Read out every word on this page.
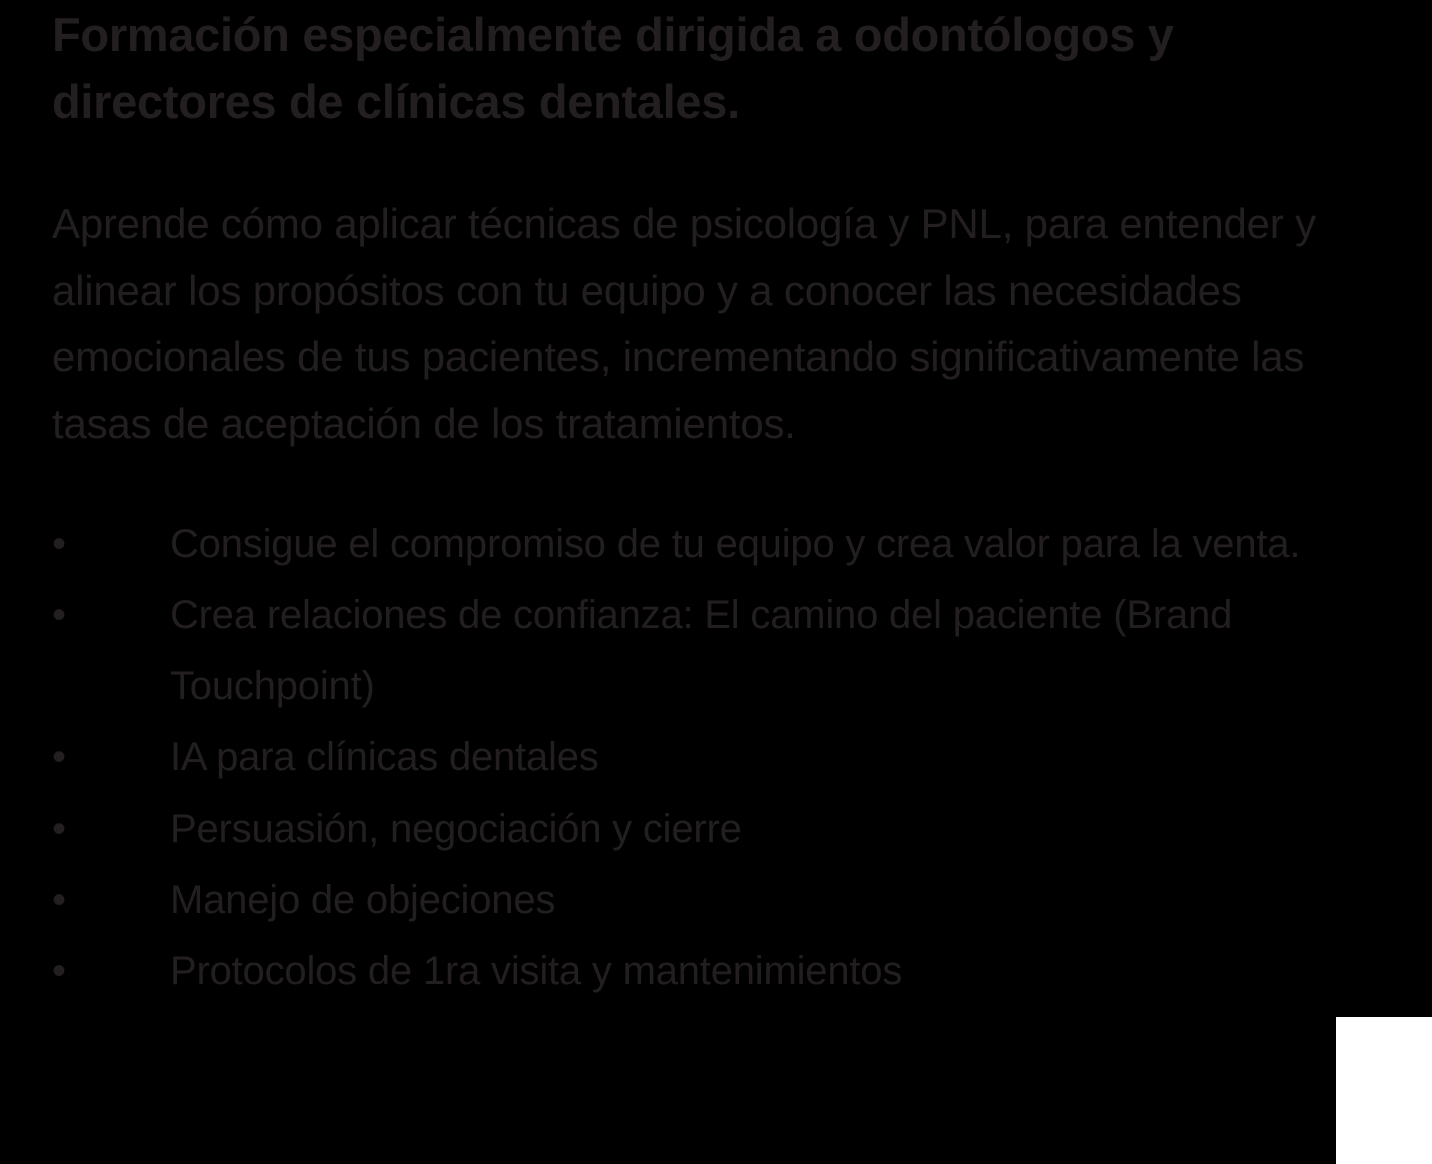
Formación especialmente dirigida a odontólogos y directores de clínicas dentales.

Aprende cómo aplicar técnicas de psicología y PNL, para entender y alinear los propósitos con tu equipo y a conocer las necesidades emocionales de tus pacientes, incrementando significativamente las tasas de aceptación de los tratamientos.

•	Consigue el compromiso de tu equipo y crea valor para la venta.
•	Crea relaciones de confianza: El camino del paciente (Brand Touchpoint)
•	IA para clínicas dentales
•	Persuasión, negociación y cierre
•	Manejo de objeciones
•	Protocolos de 1ra visita y mantenimientos
